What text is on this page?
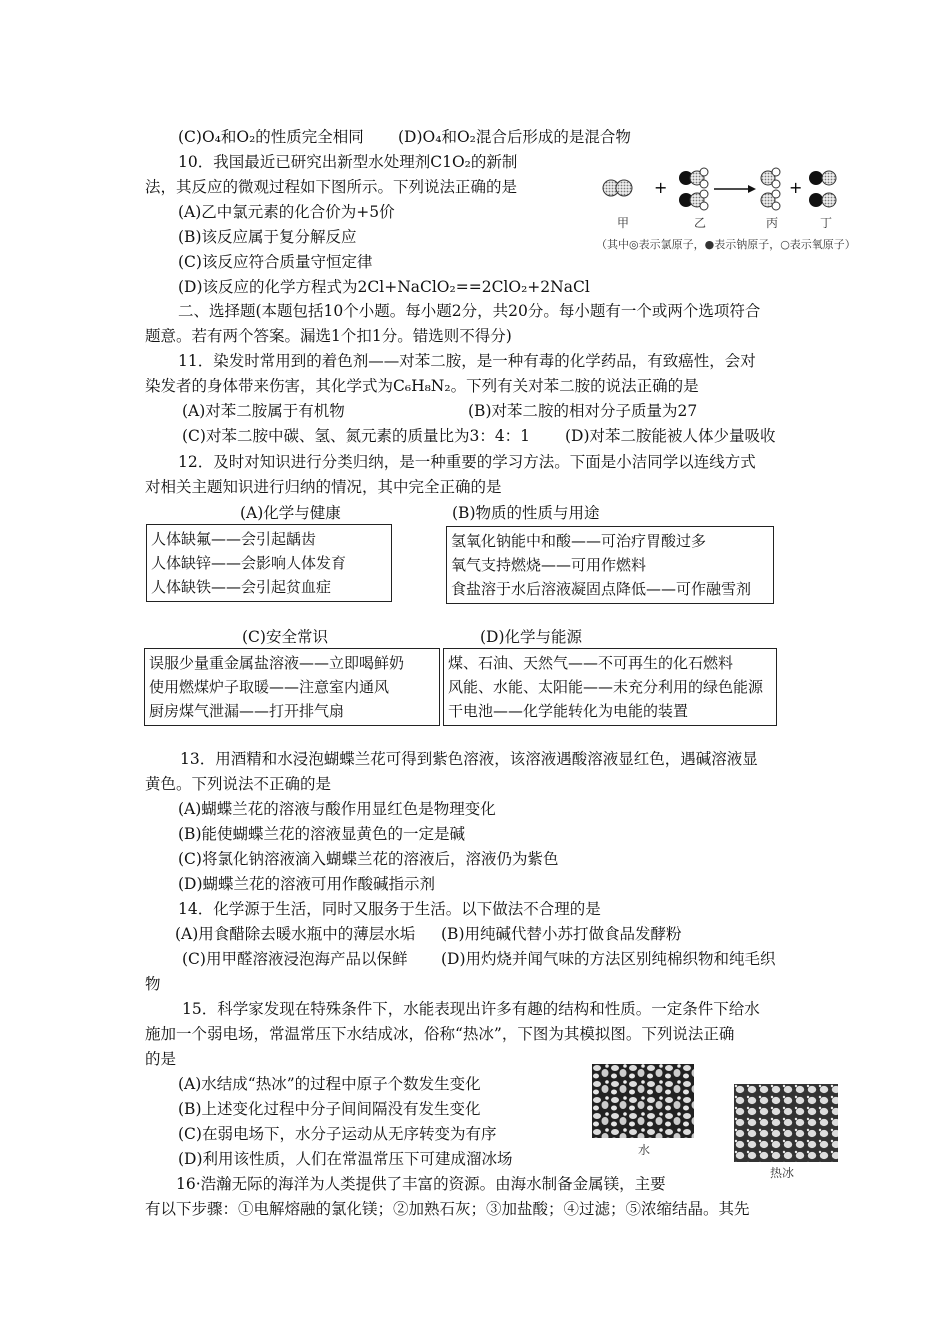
(C)O₄和O₂的性质完全相同 (D)O₄和O₂混合后形成的是混合物
10．我国最近已研究出新型水处理剂C1O₂的新制
法，其反应的微观过程如下图所示。下列说法正确的是
(A)乙中氯元素的化合价为+5价
(B)该反应属于复分解反应
(C)该反应符合质量守恒定律
(D)该反应的化学方程式为2Cl+NaClO₂==2ClO₂+2NaCl
+	+
甲	乙	丙	丁
（其中◎表示氯原子，●表示钠原子，○表示氧原子）
二、选择题(本题包括10个小题。每小题2分，共20分。每小题有一个或两个选项符合
题意。若有两个答案。漏选1个扣1分。错选则不得分)
11．染发时常用到的着色剂——对苯二胺，是一种有毒的化学药品，有致癌性，会对
染发者的身体带来伤害，其化学式为C₆H₈N₂。下列有关对苯二胺的说法正确的是
(A)对苯二胺属于有机物	(B)对苯二胺的相对分子质量为27
(C)对苯二胺中碳、氢、氮元素的质量比为3：4：1 (D)对苯二胺能被人体少量吸收
12．及时对知识进行分类归纳，是一种重要的学习方法。下面是小洁同学以连线方式
对相关主题知识进行归纳的情况，其中完全正确的是
(A)化学与健康
人体缺氟——会引起龋齿
人体缺锌——会影响人体发育
人体缺铁——会引起贫血症
(B)物质的性质与用途
氢氧化钠能中和酸——可治疗胃酸过多
氧气支持燃烧——可用作燃料
食盐溶于水后溶液凝固点降低——可作融雪剂
(C)安全常识
误服少量重金属盐溶液——立即喝鲜奶
使用燃煤炉子取暖——注意室内通风
厨房煤气泄漏——打开排气扇
(D)化学与能源
煤、石油、天然气——不可再生的化石燃料
风能、水能、太阳能——未充分利用的绿色能源
干电池——化学能转化为电能的装置
13．用酒精和水浸泡蝴蝶兰花可得到紫色溶液，该溶液遇酸溶液显红色，遇碱溶液显
黄色。下列说法不正确的是
(A)蝴蝶兰花的溶液与酸作用显红色是物理变化
(B)能使蝴蝶兰花的溶液显黄色的一定是碱
(C)将氯化钠溶液滴入蝴蝶兰花的溶液后，溶液仍为紫色
(D)蝴蝶兰花的溶液可用作酸碱指示剂
14．化学源于生活，同时又服务于生活。以下做法不合理的是
(A)用食醋除去暖水瓶中的薄层水垢 (B)用纯碱代替小苏打做食品发酵粉
(C)用甲醛溶液浸泡海产品以保鲜 (D)用灼烧并闻气味的方法区别纯棉织物和纯毛织
物
15．科学家发现在特殊条件下，水能表现出许多有趣的结构和性质。一定条件下给水
施加一个弱电场，常温常压下水结成冰，俗称“热冰”，下图为其模拟图。下列说法正确
的是
(A)水结成“热冰”的过程中原子个数发生变化
(B)上述变化过程中分子间间隔没有发生变化
(C)在弱电场下，水分子运动从无序转变为有序
(D)利用该性质，人们在常温常压下可建成溜冰场	水
热冰
16·浩瀚无际的海洋为人类提供了丰富的资源。由海水制备金属镁，主要
有以下步骤：①电解熔融的氯化镁；②加熟石灰；③加盐酸；④过滤；⑤浓缩结晶。其先
